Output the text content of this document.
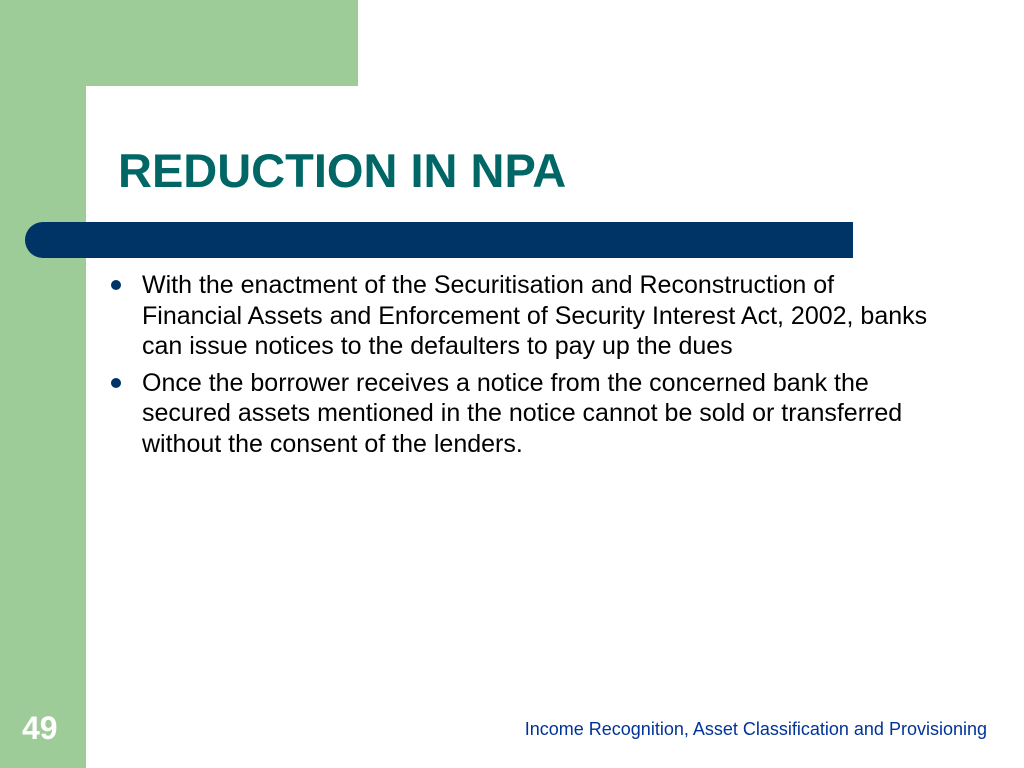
REDUCTION IN NPA
With the enactment of the Securitisation and Reconstruction of Financial Assets and Enforcement of Security Interest Act, 2002, banks can issue notices to the defaulters to pay up the dues
Once the borrower receives a notice from the concerned bank the secured assets mentioned in the notice cannot be sold or transferred without the consent of the lenders.
49	Income Recognition, Asset Classification and Provisioning
